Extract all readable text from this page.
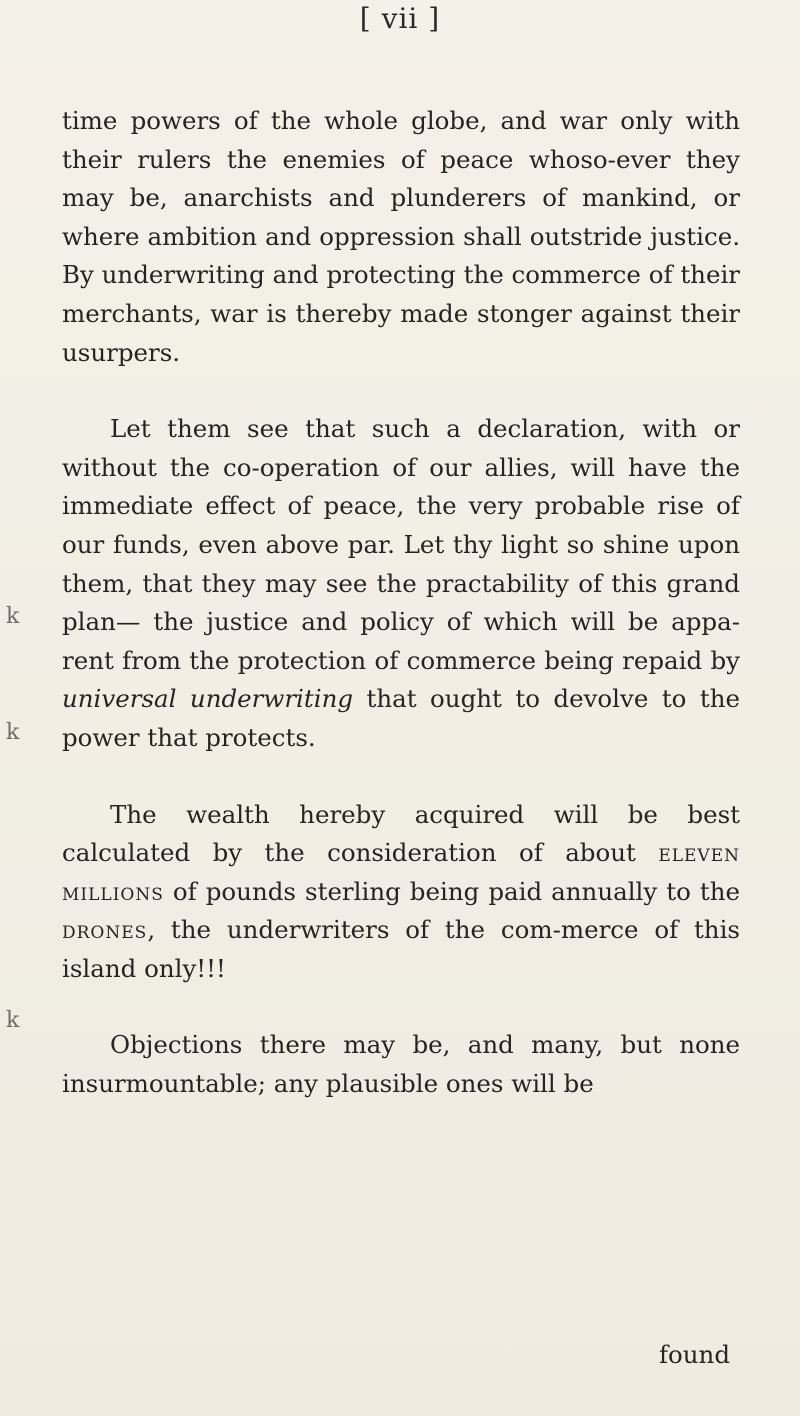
[ vii ]
k
k
k

time powers of the whole globe, and war only with their rulers the enemies of peace whoso-ever they may be, anarchists and plunderers of mankind, or where ambition and oppression shall outstride justice. By underwriting and protecting the commerce of their merchants, war is thereby made stonger against their usurpers.

Let them see that such a declaration, with or without the co-operation of our allies, will have the immediate effect of peace, the very probable rise of our funds, even above par. Let thy light so shine upon them, that they may see the practability of this grand plan— the justice and policy of which will be appa-rent from the protection of commerce being repaid by universal underwriting that ought to devolve to the power that protects.

The wealth hereby acquired will be best calculated by the consideration of about eleven millions of pounds sterling being paid annually to the drones, the underwriters of the com-merce of this island only!!!

Objections there may be, and many, but none insurmountable; any plausible ones will be

found
